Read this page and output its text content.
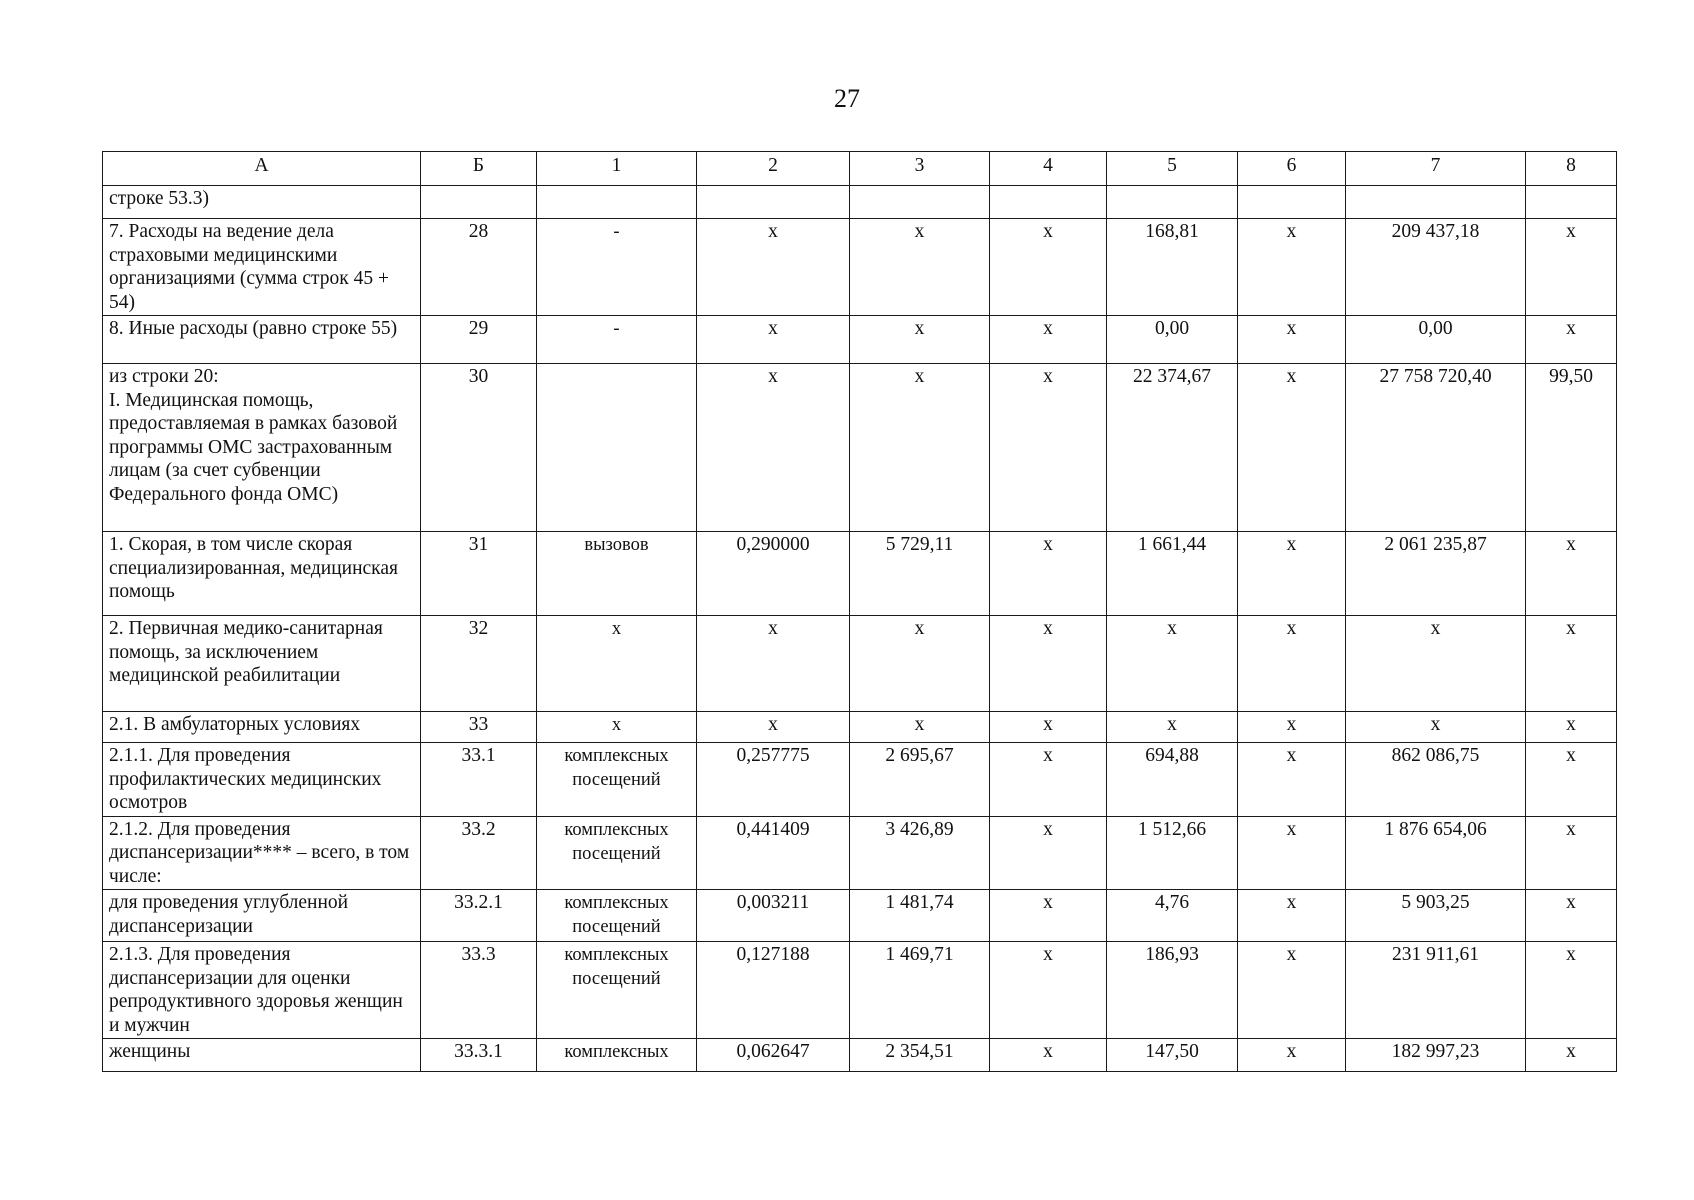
27
А	Б	1	2	3	4	5	6	7	8
строке 53.3)									
7. Расходы на ведение дела страховыми медицинскими организациями (сумма строк 45 + 54)	28	-	х	х	х	168,81	х	209 437,18	х
8. Иные расходы (равно строке 55)	29	-	х	х	х	0,00	х	0,00	х
из строки 20:
I. Медицинская помощь, предоставляемая в рамках базовой программы ОМС застрахованным лицам (за счет субвенции Федерального фонда ОМС)	30		х	х	х	22 374,67	х	27 758 720,40	99,50
1. Скорая, в том числе скорая специализированная, медицинская помощь	31	вызовов	0,290000	5 729,11	х	1 661,44	х	2 061 235,87	х
2. Первичная медико-санитарная помощь, за исключением медицинской реабилитации	32	х	х	х	х	х	х	х	х
2.1. В амбулаторных условиях	33	х	х	х	х	х	х	х	х
2.1.1. Для проведения профилактических медицинских осмотров	33.1	комплексных посещений	0,257775	2 695,67	х	694,88	х	862 086,75	х
2.1.2. Для проведения диспансеризации**** – всего, в том числе:	33.2	комплексных посещений	0,441409	3 426,89	х	1 512,66	х	1 876 654,06	х
для проведения углубленной диспансеризации	33.2.1	комплексных посещений	0,003211	1 481,74	х	4,76	х	5 903,25	х
2.1.3. Для проведения диспансеризации для оценки репродуктивного здоровья женщин и мужчин	33.3	комплексных посещений	0,127188	1 469,71	х	186,93	х	231 911,61	х
женщины	33.3.1	комплексных	0,062647	2 354,51	х	147,50	х	182 997,23	х
